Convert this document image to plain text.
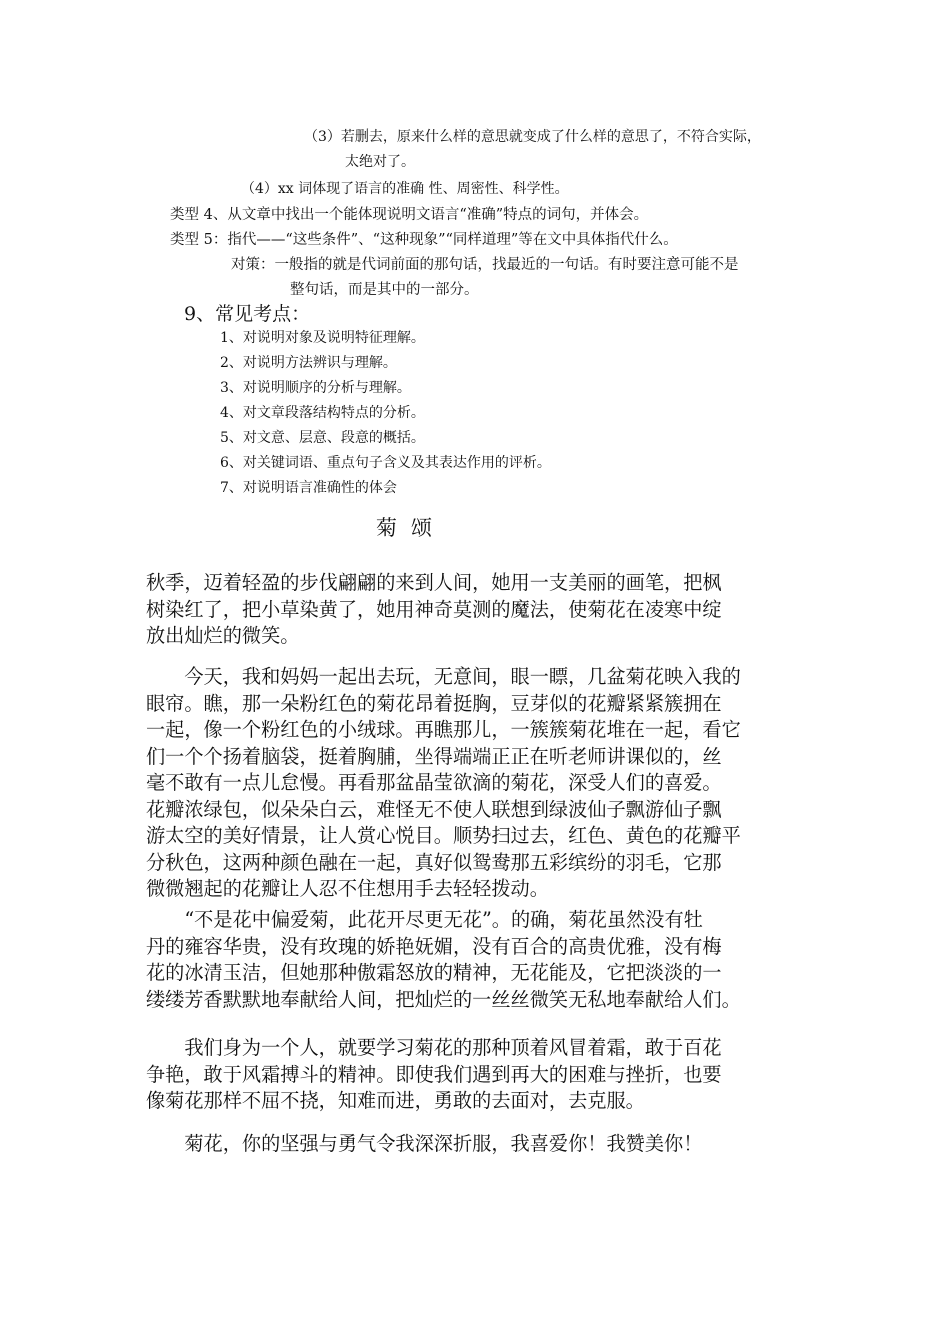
（3）若删去，原来什么样的意思就变成了什么样的意思了，不符合实际，
太绝对了。
（4）xx 词体现了语言的准确 性、周密性、科学性。
类型 4、从文章中找出一个能体现说明文语言“准确”特点的词句，并体会。
类型 5：指代——“这些条件”、“这种现象”“同样道理”等在文中具体指代什么。
对策：一般指的就是代词前面的那句话，找最近的一句话。有时要注意可能不是
整句话，而是其中的一部分。
9、常见考点：
1、对说明对象及说明特征理解。
2、对说明方法辨识与理解。
3、对说明顺序的分析与理解。
4、对文章段落结构特点的分析。
5、对文意、层意、段意的概括。
6、对关键词语、重点句子含义及其表达作用的评析。
7、对说明语言准确性的体会
菊颂

秋季，迈着轻盈的步伐翩翩的来到人间，她用一支美丽的画笔，把枫

树染红了，把小草染黄了，她用神奇莫测的魔法，使菊花在凌寒中绽

放出灿烂的微笑。

　　今天，我和妈妈一起出去玩，无意间，眼一瞟，几盆菊花映入我的

眼帘。瞧，那一朵粉红色的菊花昂着挺胸，豆芽似的花瓣紧紧簇拥在

一起，像一个粉红色的小绒球。再瞧那儿，一簇簇菊花堆在一起，看它

们一个个扬着脑袋，挺着胸脯，坐得端端正正在听老师讲课似的，丝

毫不敢有一点儿怠慢。再看那盆晶莹欲滴的菊花，深受人们的喜爱。

花瓣浓绿包，似朵朵白云，难怪无不使人联想到绿波仙子飘游仙子飘

游太空的美好情景，让人赏心悦目。顺势扫过去，红色、黄色的花瓣平

分秋色，这两种颜色融在一起，真好似鸳鸯那五彩缤纷的羽毛，它那

微微翘起的花瓣让人忍不住想用手去轻轻拨动。

　　“不是花中偏爱菊，此花开尽更无花”。的确，菊花虽然没有牡

丹的雍容华贵，没有玫瑰的娇艳妩媚，没有百合的高贵优雅，没有梅

花的冰清玉洁，但她那种傲霜怒放的精神，无花能及，它把淡淡的一

缕缕芳香默默地奉献给人间，把灿烂的一丝丝微笑无私地奉献给人们。

　　我们身为一个人，就要学习菊花的那种顶着风冒着霜，敢于百花

争艳，敢于风霜搏斗的精神。即使我们遇到再大的困难与挫折，也要

像菊花那样不屈不挠，知难而进，勇敢的去面对，去克服。

　　菊花，你的坚强与勇气令我深深折服，我喜爱你！我赞美你！
